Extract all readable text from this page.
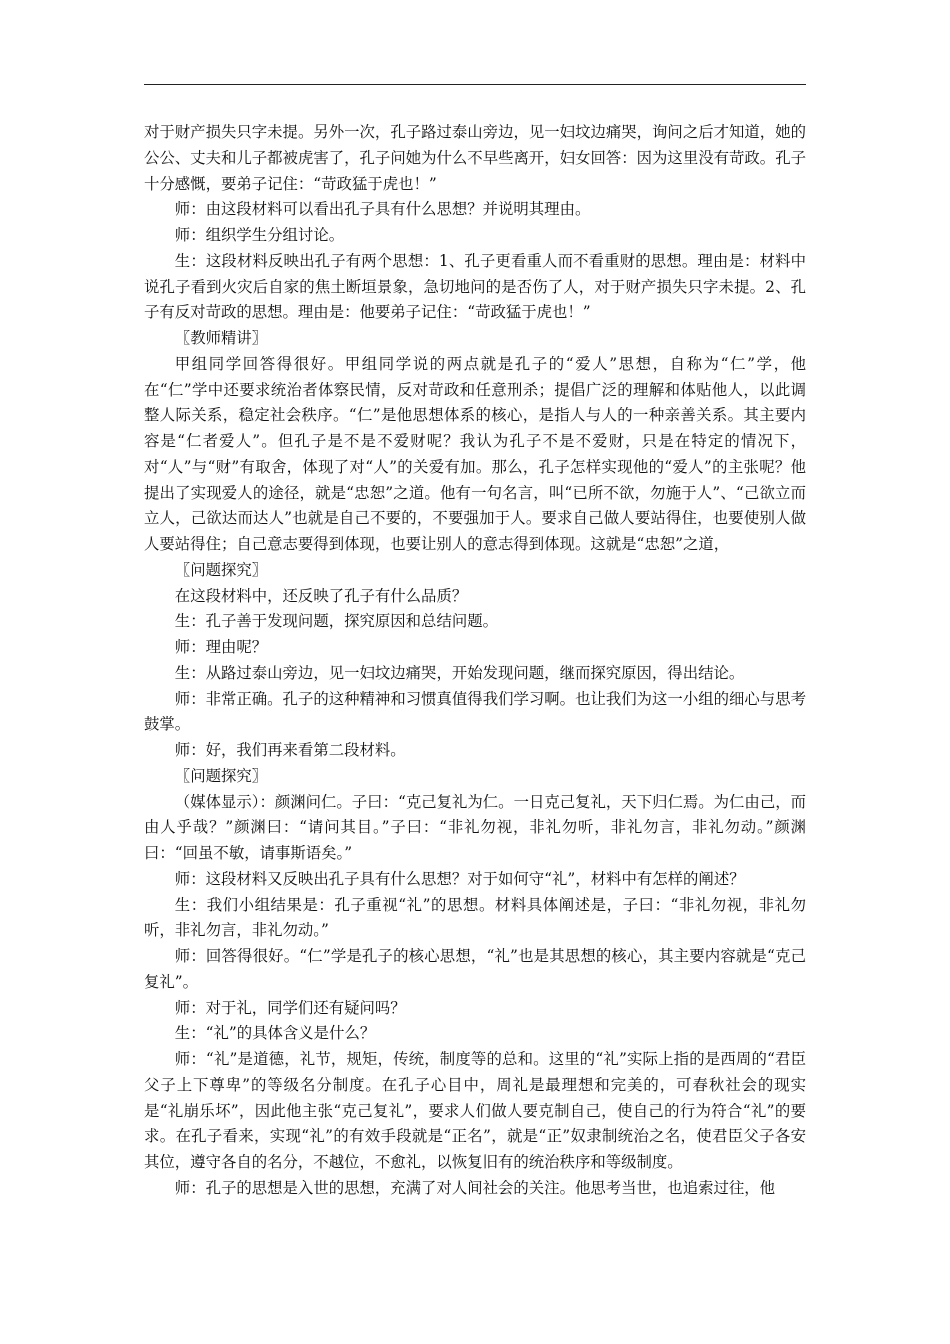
对于财产损失只字未提。另外一次，孔子路过泰山旁边，见一妇坟边痛哭，询问之后才知道，她的公公、丈夫和儿子都被虎害了，孔子问她为什么不早些离开，妇女回答：因为这里没有苛政。孔子十分感慨，要弟子记住：“苛政猛于虎也！”

师：由这段材料可以看出孔子具有什么思想？并说明其理由。

师：组织学生分组讨论。

生：这段材料反映出孔子有两个思想：1、孔子更看重人而不看重财的思想。理由是：材料中说孔子看到火灾后自家的焦土断垣景象，急切地问的是否伤了人，对于财产损失只字未提。2、孔子有反对苛政的思想。理由是：他要弟子记住：“苛政猛于虎也！”

〖教师精讲〗

甲组同学回答得很好。甲组同学说的两点就是孔子的“爱人”思想，自称为“仁”学，他在“仁”学中还要求统治者体察民情，反对苛政和任意刑杀；提倡广泛的理解和体贴他人，以此调整人际关系，稳定社会秩序。“仁”是他思想体系的核心，是指人与人的一种亲善关系。其主要内容是“仁者爱人”。但孔子是不是不爱财呢？我认为孔子不是不爱财，只是在特定的情况下，对“人”与“财”有取舍，体现了对“人”的关爱有加。那么，孔子怎样实现他的“爱人”的主张呢？他提出了实现爱人的途径，就是“忠恕”之道。他有一句名言，叫“已所不欲，勿施于人”、“己欲立而立人，己欲达而达人”也就是自己不要的，不要强加于人。要求自己做人要站得住，也要使别人做人要站得住；自己意志要得到体现，也要让别人的意志得到体现。这就是“忠恕”之道，

〖问题探究〗

在这段材料中，还反映了孔子有什么品质？

生：孔子善于发现问题，探究原因和总结问题。

师：理由呢？

生：从路过泰山旁边，见一妇坟边痛哭，开始发现问题，继而探究原因，得出结论。

师：非常正确。孔子的这种精神和习惯真值得我们学习啊。也让我们为这一小组的细心与思考鼓掌。

师：好，我们再来看第二段材料。

〖问题探究〗

（媒体显示）：颜渊问仁。子曰：“克己复礼为仁。一日克己复礼，天下归仁焉。为仁由己，而由人乎哉？”颜渊曰：“请问其目。”子曰：“非礼勿视，非礼勿听，非礼勿言，非礼勿动。”颜渊曰：“回虽不敏，请事斯语矣。”

师：这段材料又反映出孔子具有什么思想？对于如何守“礼”，材料中有怎样的阐述？

生：我们小组结果是：孔子重视“礼”的思想。材料具体阐述是，子曰：“非礼勿视，非礼勿听，非礼勿言，非礼勿动。”

师：回答得很好。“仁”学是孔子的核心思想，“礼”也是其思想的核心，其主要内容就是“克己复礼”。

师：对于礼，同学们还有疑问吗？

生：“礼”的具体含义是什么？

师：“礼”是道德，礼节，规矩，传统，制度等的总和。这里的“礼”实际上指的是西周的“君臣父子上下尊卑”的等级名分制度。在孔子心目中，周礼是最理想和完美的，可春秋社会的现实是“礼崩乐坏”，因此他主张“克己复礼”，要求人们做人要克制自己，使自己的行为符合“礼”的要求。在孔子看来，实现“礼”的有效手段就是“正名”，就是“正”奴隶制统治之名，使君臣父子各安其位，遵守各自的名分，不越位，不愈礼，以恢复旧有的统治秩序和等级制度。

师：孔子的思想是入世的思想，充满了对人间社会的关注。他思考当世，也追索过往，他
